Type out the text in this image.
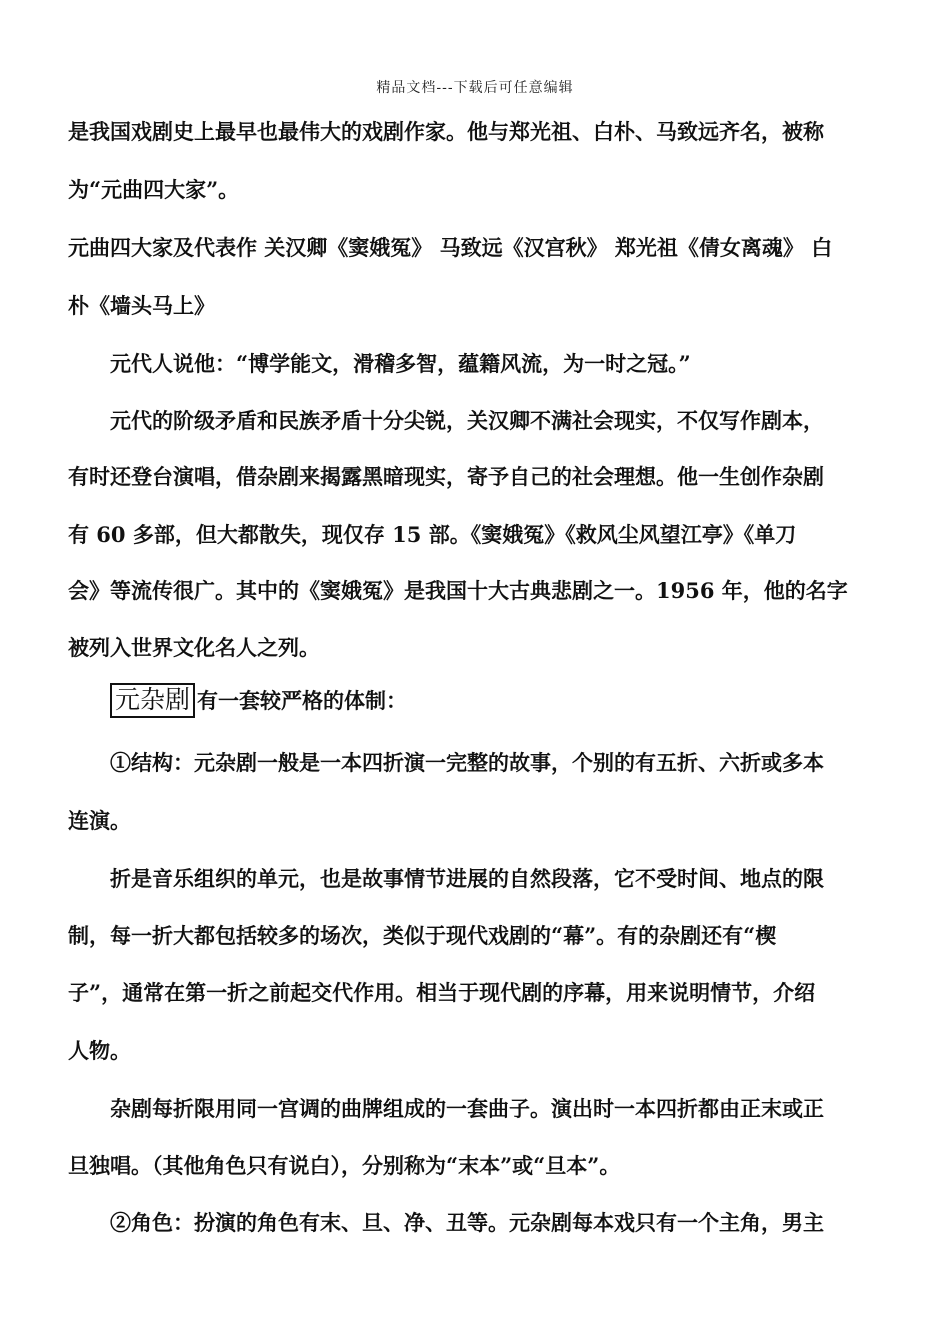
精品文档---下载后可任意编辑
是我国戏剧史上最早也最伟大的戏剧作家。他与郑光祖、白朴、马致远齐名，被称
为“元曲四大家”。
元曲四大家及代表作 关汉卿《窦娥冤》 马致远《汉宫秋》 郑光祖《倩女离魂》 白
朴《墙头马上》
元代人说他：“博学能文，滑稽多智，蕴籍风流，为一时之冠。”
元代的阶级矛盾和民族矛盾十分尖锐，关汉卿不满社会现实，不仅写作剧本，
有时还登台演唱，借杂剧来揭露黑暗现实，寄予自己的社会理想。他一生创作杂剧
有 60 多部，但大都散失，现仅存 15 部。《窦娥冤》《救风尘风望江亭》《单刀
会》等流传很广。其中的《窦娥冤》是我国十大古典悲剧之一。1956 年，他的名字
被列入世界文化名人之列。
元杂剧 有一套较严格的体制：
①结构：元杂剧一般是一本四折演一完整的故事，个别的有五折、六折或多本
连演。
折是音乐组织的单元，也是故事情节进展的自然段落，它不受时间、地点的限
制，每一折大都包括较多的场次，类似于现代戏剧的“幕”。有的杂剧还有“楔
子”，通常在第一折之前起交代作用。相当于现代剧的序幕，用来说明情节，介绍
人物。
杂剧每折限用同一宫调的曲牌组成的一套曲子。演出时一本四折都由正末或正
旦独唱。（其他角色只有说白），分别称为“末本”或“旦本”。
②角色：扮演的角色有末、旦、净、丑等。元杂剧每本戏只有一个主角，男主
